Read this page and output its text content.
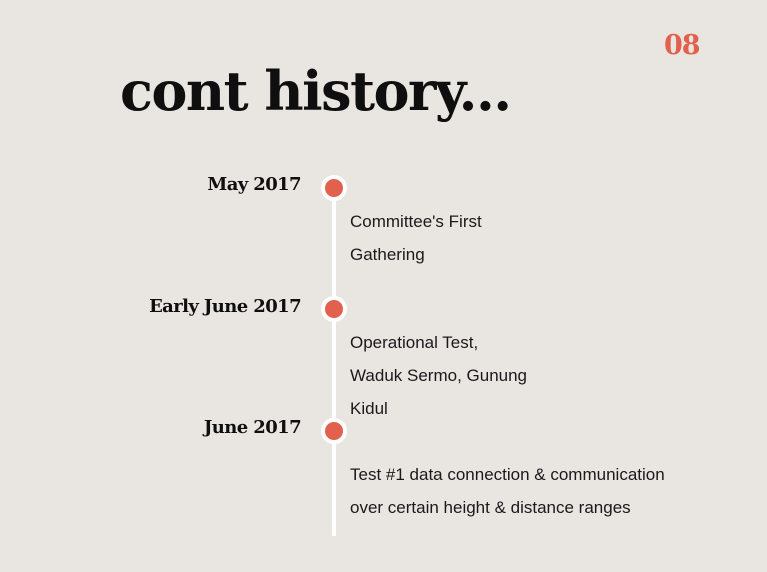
08
cont history...
May 2017
Committee's First
Gathering
Early June 2017
Operational Test,
Waduk Sermo, Gunung
Kidul
June 2017
Test #1 data connection & communication
over certain height & distance ranges
